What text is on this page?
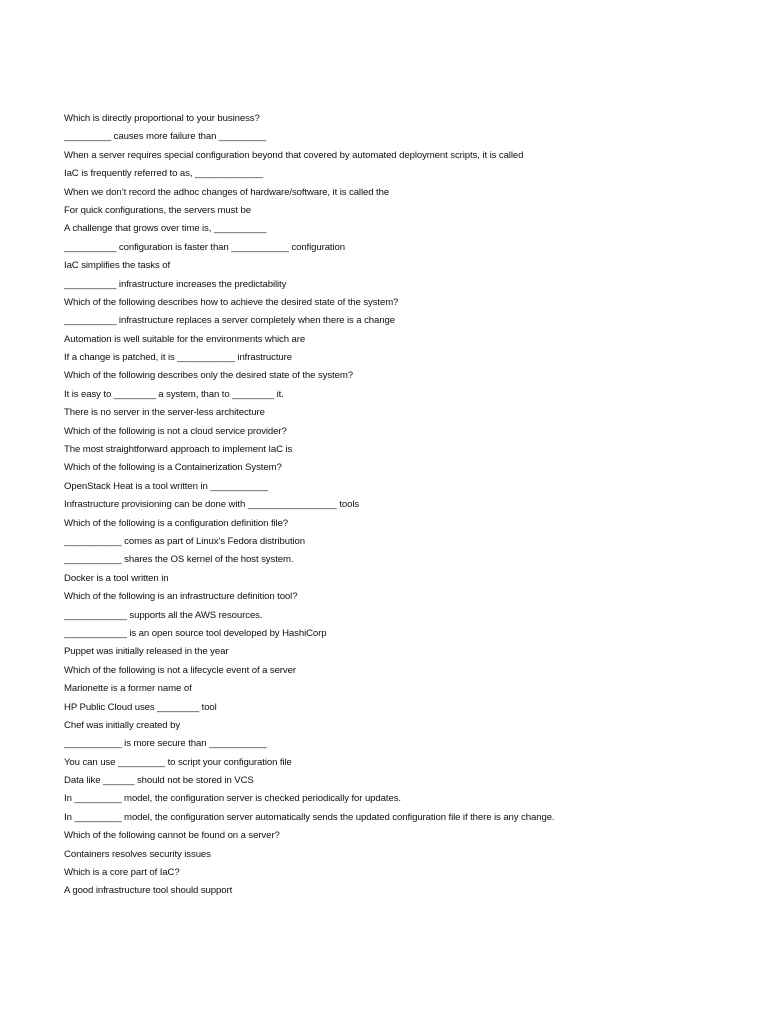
Which is directly proportional to your business?
_________ causes more failure than _________
When a server requires special configuration beyond that covered by automated deployment scripts, it is called
IaC is frequently referred to as, _____________
When we don’t record the adhoc changes of hardware/software, it is called the
For quick configurations, the servers must be
A challenge that grows over time is, __________
__________ configuration is faster than ___________ configuration
IaC simplifies the tasks of
__________ infrastructure increases the predictability
Which of the following describes how to achieve the desired state of the system?
__________ infrastructure replaces a server completely when there is a change
Automation is well suitable for the environments which are
If a change is patched, it is ___________ infrastructure
Which of the following describes only the desired state of the system?
It is easy to ________ a system, than to ________ it.
There is no server in the server-less architecture
Which of the following is not a cloud service provider?
The most straightforward approach to implement IaC is
Which of the following is a Containerization System?
OpenStack Heat is a tool written in ___________
Infrastructure provisioning can be done with _________________ tools
Which of the following is a configuration definition file?
___________ comes as part of Linux's Fedora distribution
___________ shares the OS kernel of the host system.
Docker is a tool written in
Which of the following is an infrastructure definition tool?
____________ supports all the AWS resources.
____________ is an open source tool developed by HashiCorp
Puppet was initially released in the year
Which of the following is not a lifecycle event of a server
Marionette is a former name of
HP Public Cloud uses ________ tool
Chef was initially created by
___________ is more secure than ___________
You can use _________ to script your configuration file
Data like ______ should not be stored in VCS
In _________ model, the configuration server is checked periodically for updates.
In _________ model, the configuration server automatically sends the updated configuration file if there is any change.
Which of the following cannot be found on a server?
Containers resolves security issues
Which is a core part of IaC?
A good infrastructure tool should support
